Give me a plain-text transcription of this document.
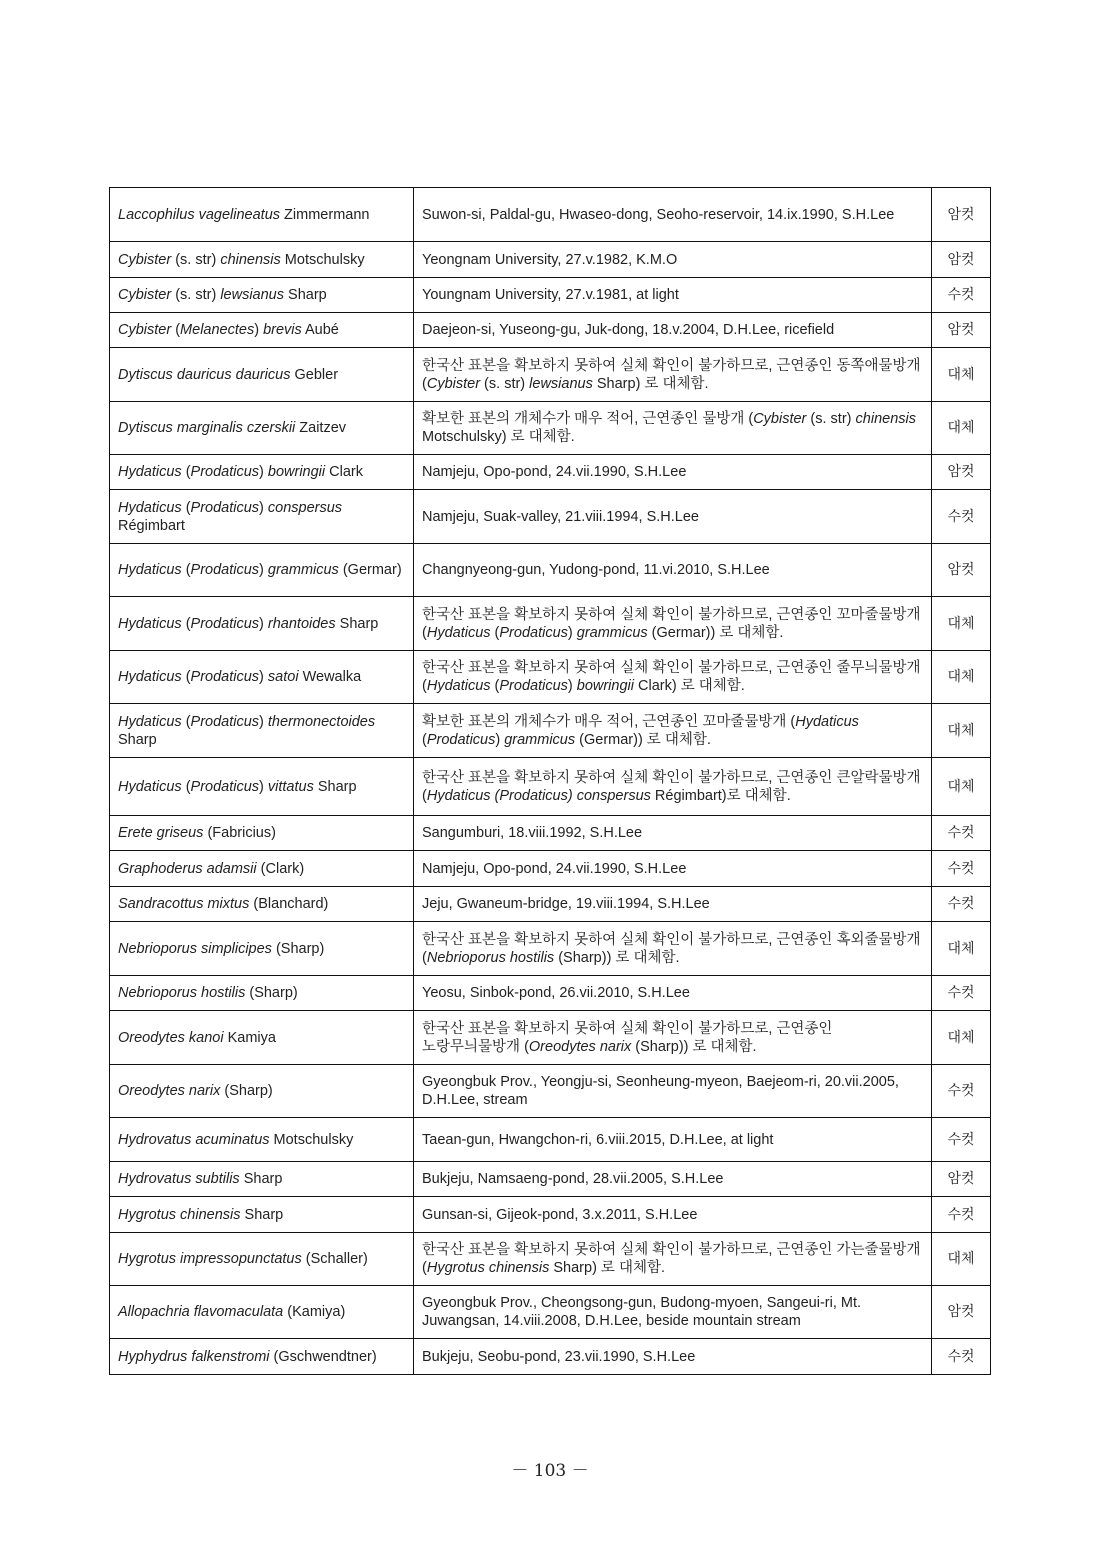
Laccophilus vagelineatus Zimmermann	Suwon-si, Paldal-gu, Hwaseo-dong, Seoho-reservoir, 14.ix.1990, S.H.Lee	암컷
Cybister (s. str) chinensis Motschulsky	Yeongnam University, 27.v.1982, K.M.O	암컷
Cybister (s. str) lewsianus Sharp	Youngnam University, 27.v.1981, at light	수컷
Cybister (Melanectes) brevis Aubé	Daejeon-si, Yuseong-gu, Juk-dong, 18.v.2004, D.H.Lee, ricefield	암컷
Dytiscus dauricus dauricus Gebler	한국산 표본을 확보하지 못하여 실체 확인이 불가하므로, 근연종인 동쪽애물방개 (Cybister (s. str) lewsianus Sharp) 로 대체함.	대체
Dytiscus marginalis czerskii Zaitzev	확보한 표본의 개체수가 매우 적어, 근연종인 물방개 (Cybister (s. str) chinensis Motschulsky) 로 대체함.	대체
Hydaticus (Prodaticus) bowringii Clark	Namjeju, Opo-pond, 24.vii.1990, S.H.Lee	암컷
Hydaticus (Prodaticus) conspersus Régimbart	Namjeju, Suak-valley, 21.viii.1994, S.H.Lee	수컷
Hydaticus (Prodaticus) grammicus (Germar)	Changnyeong-gun, Yudong-pond, 11.vi.2010, S.H.Lee	암컷
Hydaticus (Prodaticus) rhantoides Sharp	한국산 표본을 확보하지 못하여 실체 확인이 불가하므로, 근연종인 꼬마줄물방개 (Hydaticus (Prodaticus) grammicus (Germar)) 로 대체함.	대체
Hydaticus (Prodaticus) satoi Wewalka	한국산 표본을 확보하지 못하여 실체 확인이 불가하므로, 근연종인 줄무늬물방개 (Hydaticus (Prodaticus) bowringii Clark) 로 대체함.	대체
Hydaticus (Prodaticus) thermonectoides Sharp	확보한 표본의 개체수가 매우 적어, 근연종인 꼬마줄물방개 (Hydaticus (Prodaticus) grammicus (Germar)) 로 대체함.	대체
Hydaticus (Prodaticus) vittatus Sharp	한국산 표본을 확보하지 못하여 실체 확인이 불가하므로, 근연종인 큰알락물방개 (Hydaticus (Prodaticus) conspersus Régimbart)로 대체함.	대체
Erete griseus (Fabricius)	Sangumburi, 18.viii.1992, S.H.Lee	수컷
Graphoderus adamsii (Clark)	Namjeju, Opo-pond, 24.vii.1990, S.H.Lee	수컷
Sandracottus mixtus (Blanchard)	Jeju, Gwaneum-bridge, 19.viii.1994, S.H.Lee	수컷
Nebrioporus simplicipes (Sharp)	한국산 표본을 확보하지 못하여 실체 확인이 불가하므로, 근연종인 혹외줄물방개 (Nebrioporus hostilis (Sharp)) 로 대체함.	대체
Nebrioporus hostilis (Sharp)	Yeosu, Sinbok-pond, 26.vii.2010, S.H.Lee	수컷
Oreodytes kanoi Kamiya	한국산 표본을 확보하지 못하여 실체 확인이 불가하므로, 근연종인 노랑무늬물방개 (Oreodytes narix (Sharp)) 로 대체함.	대체
Oreodytes narix (Sharp)	Gyeongbuk Prov., Yeongju-si, Seonheung-myeon, Baejeom-ri, 20.vii.2005, D.H.Lee, stream	수컷
Hydrovatus acuminatus Motschulsky	Taean-gun, Hwangchon-ri, 6.viii.2015, D.H.Lee, at light	수컷
Hydrovatus subtilis Sharp	Bukjeju, Namsaeng-pond, 28.vii.2005, S.H.Lee	암컷
Hygrotus chinensis Sharp	Gunsan-si, Gijeok-pond, 3.x.2011, S.H.Lee	수컷
Hygrotus impressopunctatus (Schaller)	한국산 표본을 확보하지 못하여 실체 확인이 불가하므로, 근연종인 가는줄물방개 (Hygrotus chinensis Sharp) 로 대체함.	대체
Allopachria flavomaculata (Kamiya)	Gyeongbuk Prov., Cheongsong-gun, Budong-myoen, Sangeui-ri, Mt. Juwangsan, 14.viii.2008, D.H.Lee, beside mountain stream	암컷
Hyphydrus falkenstromi (Gschwendtner)	Bukjeju, Seobu-pond, 23.vii.1990, S.H.Lee	수컷
－ 103 －
